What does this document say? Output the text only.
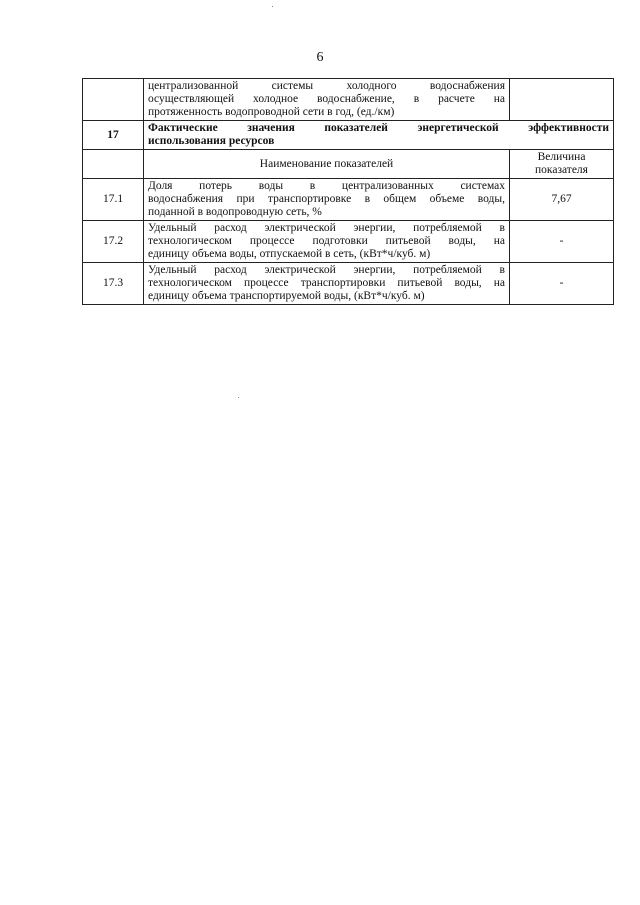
6

	централизованной системы холодного водоснабжения
осуществляющей холодное водоснабжение, в расчете на
протяженность водопроводной сети в год, (ед./км)	

17	Фактические значения показателей энергетической эффективности
использования ресурсов	

	Наименование показателей	Величина
показателя

17.1	Доля потерь воды в централизованных системах
водоснабжения при транспортировке в общем объеме воды,
поданной в водопроводную сеть, %	7,67
17.2	Удельный расход электрической энергии, потребляемой в
технологическом процессе подготовки питьевой воды, на
единицу объема воды, отпускаемой в сеть, (кВт*ч/куб. м)	-
17.3	Удельный расход электрической энергии, потребляемой в
технологическом процессе транспортировки питьевой воды, на
единицу объема транспортируемой воды, (кВт*ч/куб. м)	-
